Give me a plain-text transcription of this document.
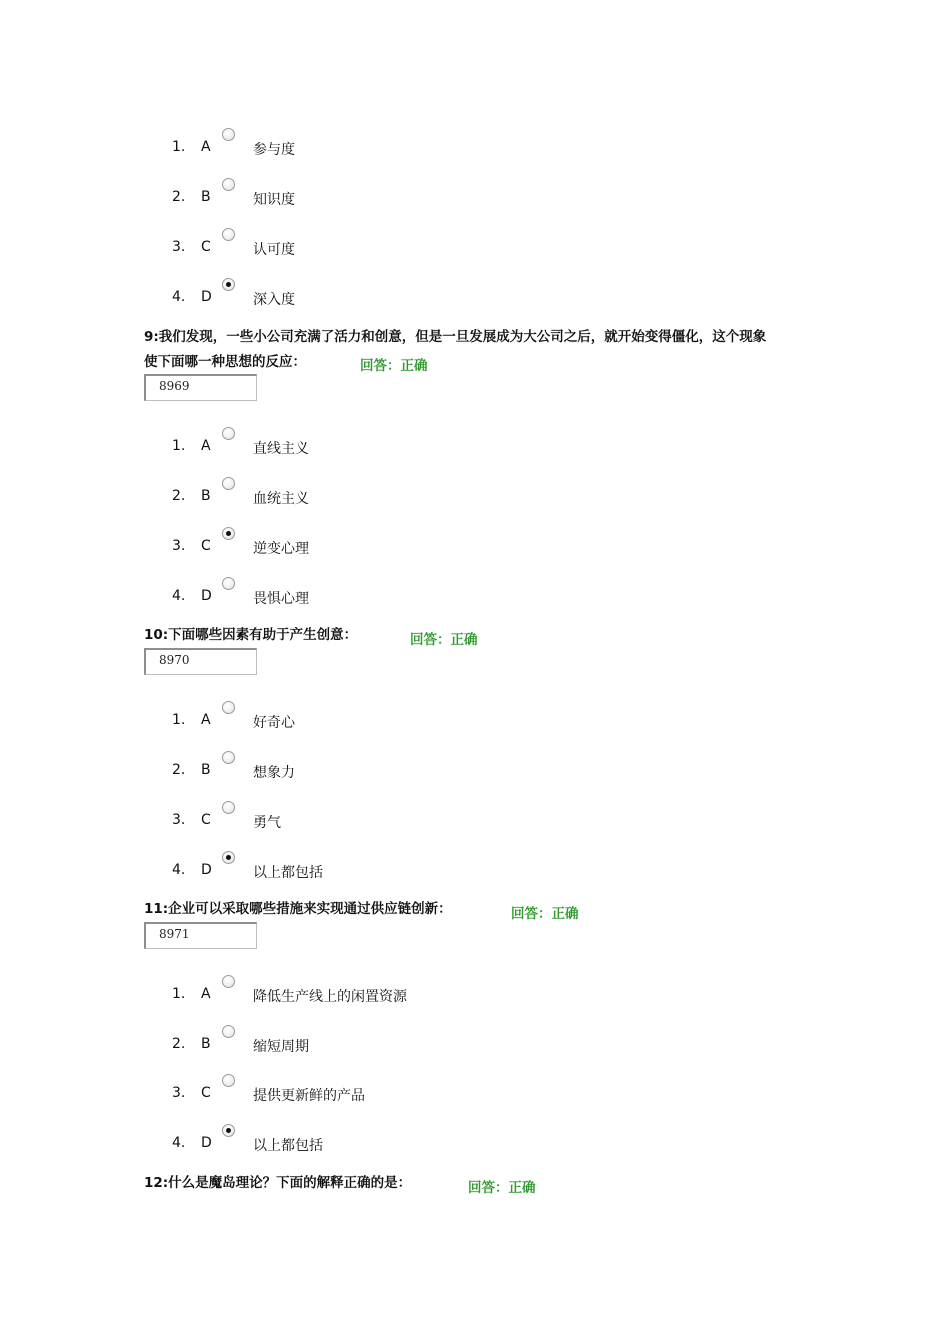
1. A	参与度
2. B	知识度
3. C	认可度
4. D	深入度
9:我们发现，一些小公司充满了活力和创意，但是一旦发展成为大公司之后，就开始变得僵化，这个现象
使下面哪一种思想的反应：	回答：正确
8969
1. A	直线主义
2. B	血统主义
3. C	逆变心理
4. D	畏惧心理
10:下面哪些因素有助于产生创意：	回答：正确
8970
1. A	好奇心
2. B	想象力
3. C	勇气
4. D	以上都包括
11:企业可以采取哪些措施来实现通过供应链创新：	回答：正确
8971
1. A	降低生产线上的闲置资源
2. B	缩短周期
3. C	提供更新鲜的产品
4. D	以上都包括
12:什么是魔岛理论？下面的解释正确的是：	回答：正确
